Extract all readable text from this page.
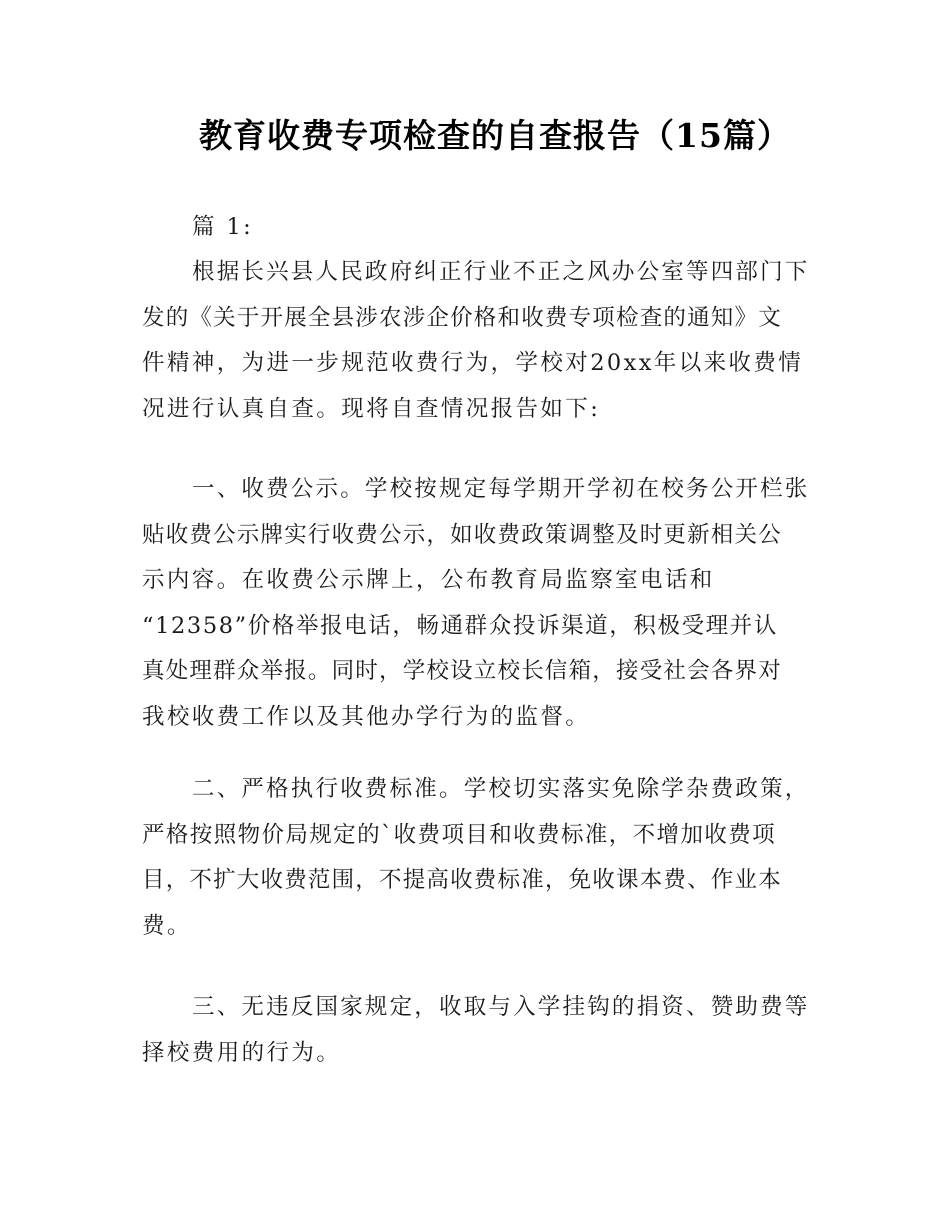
教育收费专项检查的自查报告（15篇）
篇 1:
根据长兴县人民政府纠正行业不正之风办公室等四部门下
发的《关于开展全县涉农涉企价格和收费专项检查的通知》文
件精神，为进一步规范收费行为，学校对20xx年以来收费情
况进行认真自查。现将自查情况报告如下:
一、收费公示。学校按规定每学期开学初在校务公开栏张
贴收费公示牌实行收费公示，如收费政策调整及时更新相关公
示内容。在收费公示牌上，公布教育局监察室电话和
“12358”价格举报电话，畅通群众投诉渠道，积极受理并认
真处理群众举报。同时，学校设立校长信箱，接受社会各界对
我校收费工作以及其他办学行为的监督。
二、严格执行收费标准。学校切实落实免除学杂费政策，
严格按照物价局规定的`收费项目和收费标准，不增加收费项
目，不扩大收费范围，不提高收费标准，免收课本费、作业本
费。
三、无违反国家规定，收取与入学挂钩的捐资、赞助费等
择校费用的行为。
